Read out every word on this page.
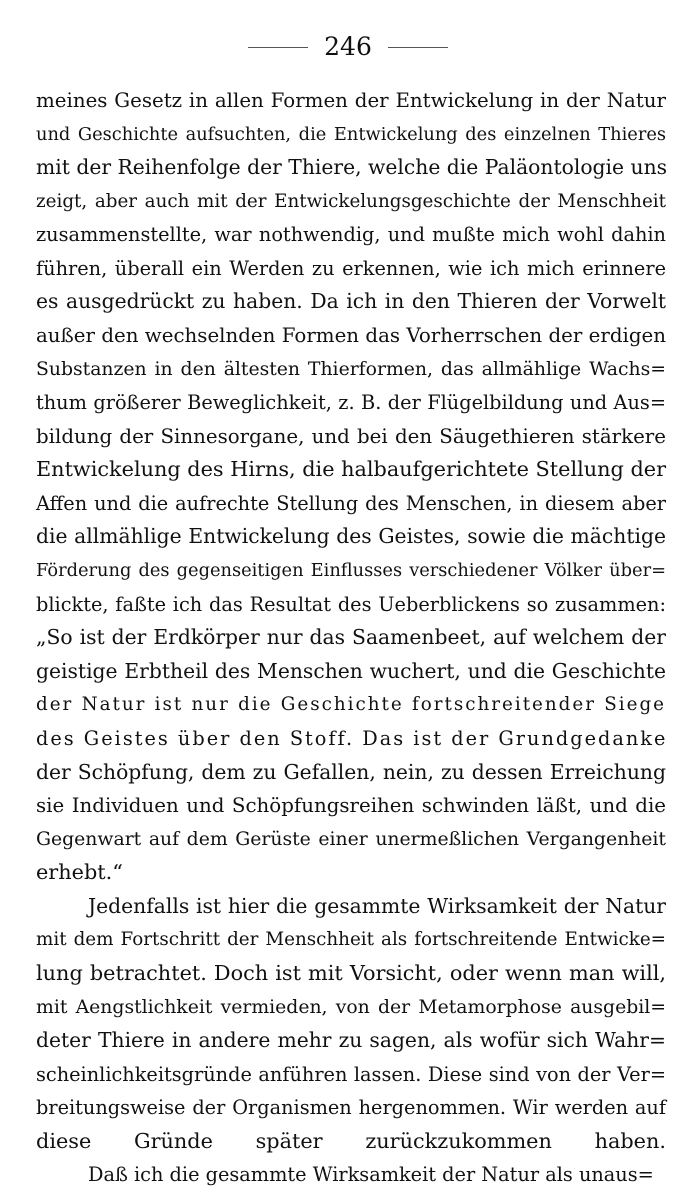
246
meines Gesetz in allen Formen der Entwickelung in der Natur
und Geschichte aufsuchten, die Entwickelung des einzelnen Thieres
mit der Reihenfolge der Thiere, welche die Paläontologie uns
zeigt, aber auch mit der Entwickelungsgeschichte der Menschheit
zusammenstellte, war nothwendig, und mußte mich wohl dahin
führen, überall ein Werden zu erkennen, wie ich mich erinnere
es ausgedrückt zu haben. Da ich in den Thieren der Vorwelt
außer den wechselnden Formen das Vorherrschen der erdigen
Substanzen in den ältesten Thierformen, das allmählige Wachs=
thum größerer Beweglichkeit, z. B. der Flügelbildung und Aus=
bildung der Sinnesorgane, und bei den Säugethieren stärkere
Entwickelung des Hirns, die halbaufgerichtete Stellung der
Affen und die aufrechte Stellung des Menschen, in diesem aber
die allmählige Entwickelung des Geistes, sowie die mächtige
Förderung des gegenseitigen Einflusses verschiedener Völker über=
blickte, faßte ich das Resultat des Ueberblickens so zusammen:
„So ist der Erdkörper nur das Saamenbeet, auf welchem der
geistige Erbtheil des Menschen wuchert, und die Geschichte
der Natur ist nur die Geschichte fortschreitender Siege
des Geistes über den Stoff. Das ist der Grundgedanke
der Schöpfung, dem zu Gefallen, nein, zu dessen Erreichung
sie Individuen und Schöpfungsreihen schwinden läßt, und die
Gegenwart auf dem Gerüste einer unermeßlichen Vergangenheit
erhebt.“
Jedenfalls ist hier die gesammte Wirksamkeit der Natur
mit dem Fortschritt der Menschheit als fortschreitende Entwicke=
lung betrachtet. Doch ist mit Vorsicht, oder wenn man will,
mit Aengstlichkeit vermieden, von der Metamorphose ausgebil=
deter Thiere in andere mehr zu sagen, als wofür sich Wahr=
scheinlichkeitsgründe anführen lassen. Diese sind von der Ver=
breitungsweise der Organismen hergenommen. Wir werden auf
diese Gründe später zurückzukommen haben.
Daß ich die gesammte Wirksamkeit der Natur als unaus=
